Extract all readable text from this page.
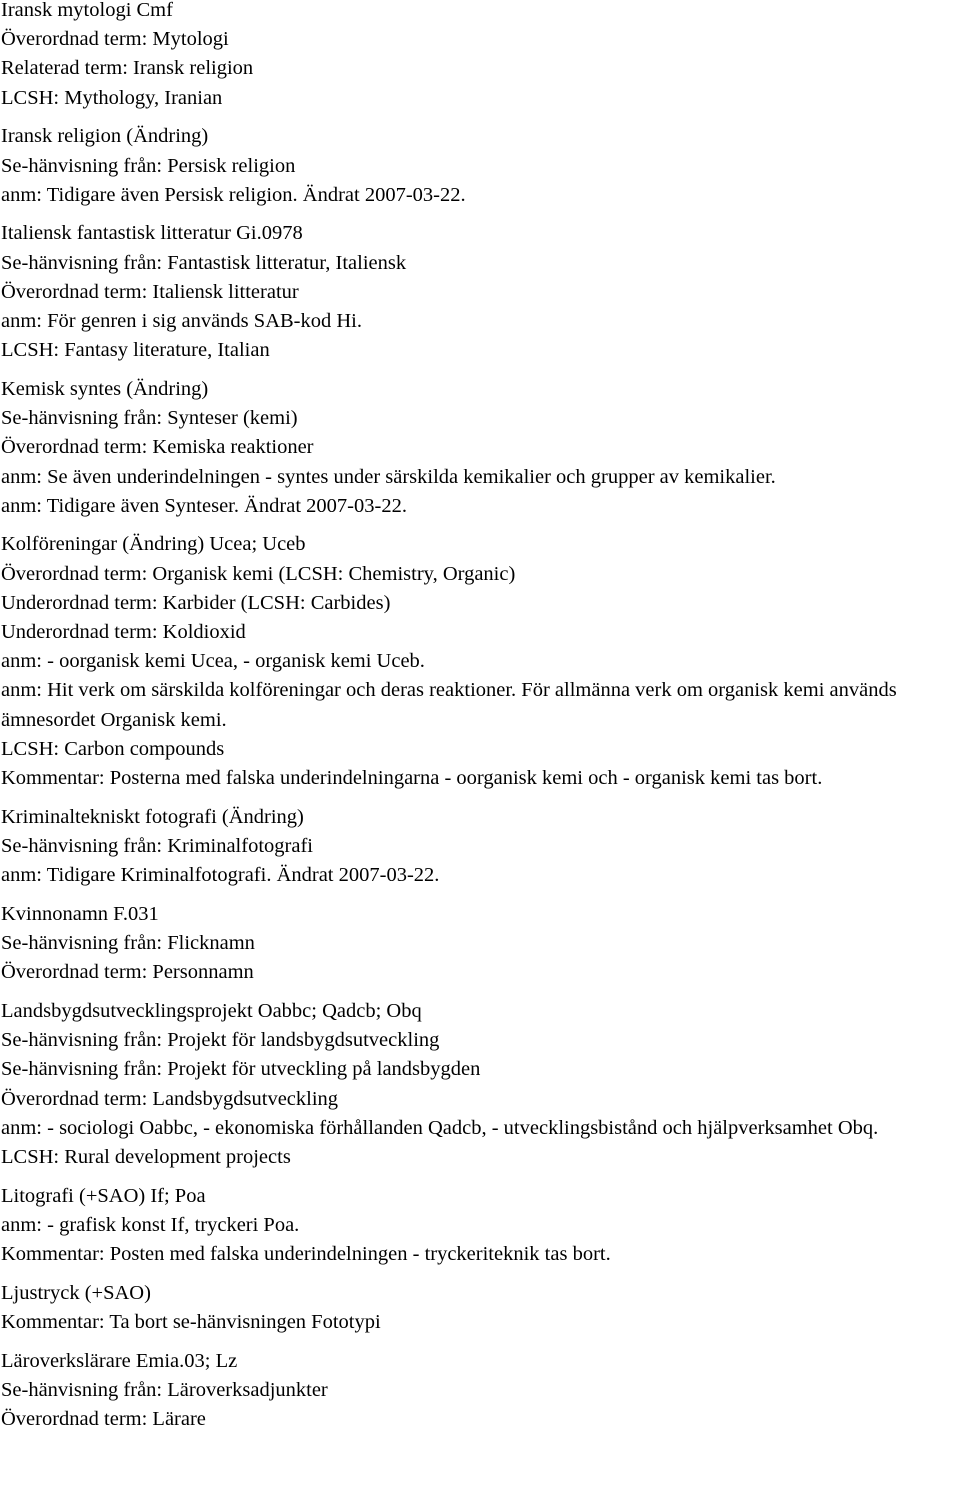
Iransk mytologi Cmf
Överordnad term: Mytologi
Relaterad term: Iransk religion
LCSH: Mythology, Iranian
Iransk religion (Ändring)
Se-hänvisning från: Persisk religion
anm: Tidigare även Persisk religion. Ändrat 2007-03-22.
Italiensk fantastisk litteratur Gi.0978
Se-hänvisning från: Fantastisk litteratur, Italiensk
Överordnad term: Italiensk litteratur
anm: För genren i sig används SAB-kod Hi.
LCSH: Fantasy literature, Italian
Kemisk syntes (Ändring)
Se-hänvisning från: Synteser (kemi)
Överordnad term: Kemiska reaktioner
anm: Se även underindelningen - syntes under särskilda kemikalier och grupper av kemikalier.
anm: Tidigare även Synteser. Ändrat 2007-03-22.
Kolföreningar (Ändring) Ucea; Uceb
Överordnad term: Organisk kemi (LCSH: Chemistry, Organic)
Underordnad term: Karbider (LCSH: Carbides)
Underordnad term: Koldioxid
anm: - oorganisk kemi Ucea, - organisk kemi Uceb.
anm: Hit verk om särskilda kolföreningar och deras reaktioner. För allmänna verk om organisk kemi används ämnesordet Organisk kemi.
LCSH: Carbon compounds
Kommentar: Posterna med falska underindelningarna - oorganisk kemi och - organisk kemi tas bort.
Kriminaltekniskt fotografi (Ändring)
Se-hänvisning från: Kriminalfotografi
anm: Tidigare Kriminalfotografi. Ändrat 2007-03-22.
Kvinnonamn F.031
Se-hänvisning från: Flicknamn
Överordnad term: Personnamn
Landsbygdsutvecklingsprojekt Oabbc; Qadcb; Obq
Se-hänvisning från: Projekt för landsbygdsutveckling
Se-hänvisning från: Projekt för utveckling på landsbygden
Överordnad term: Landsbygdsutveckling
anm: - sociologi Oabbc, - ekonomiska förhållanden Qadcb, - utvecklingsbistånd och hjälpverksamhet Obq.
LCSH: Rural development projects
Litografi (+SAO) If; Poa
anm: - grafisk konst If, tryckeri Poa.
Kommentar: Posten med falska underindelningen - tryckeriteknik tas bort.
Ljustryck (+SAO)
Kommentar: Ta bort se-hänvisningen Fototypi
Läroverkslärare Emia.03; Lz
Se-hänvisning från: Läroverksadjunkter
Överordnad term: Lärare
